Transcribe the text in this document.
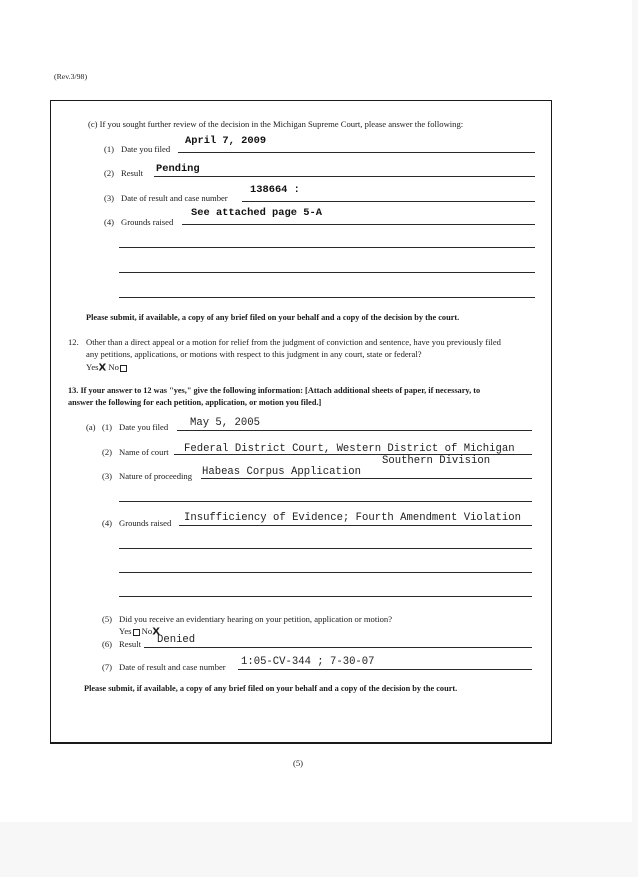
(Rev.3/98)
(c) If you sought further review of the decision in the Michigan Supreme Court, please answer the following:
(1) Date you filed
April 7, 2009
(2) Result Pending
(3) Date of result and case number
138664 :
(4) Grounds raised
See attached page 5-A
Please submit, if available, a copy of any brief filed on your behalf and a copy of the decision by the court.
12. Other than a direct appeal or a motion for relief from the judgment of conviction and sentence, have you previously filed
any petitions, applications, or motions with respect to this judgment in any court, state or federal?
YesX No
13. If your answer to 12 was "yes," give the following information: [Attach additional sheets of paper, if necessary, to
answer the following for each petition, application, or motion you filed.]
(a) (1) Date you filed May 5, 2005
(2) Name of court Federal District Court, Western District of Michigan
Southern Division
(3) Nature of proceeding Habeas Corpus Application
(4) Grounds raised Insufficiency of Evidence; Fourth Amendment Violation
(5) Did you receive an evidentiary hearing on your petition, application or motion?
Yes NoX
(6) Result Denied
(7) Date of result and case number 1:05-CV-344 ; 7-30-07
Please submit, if available, a copy of any brief filed on your behalf and a copy of the decision by the court.
(5)
